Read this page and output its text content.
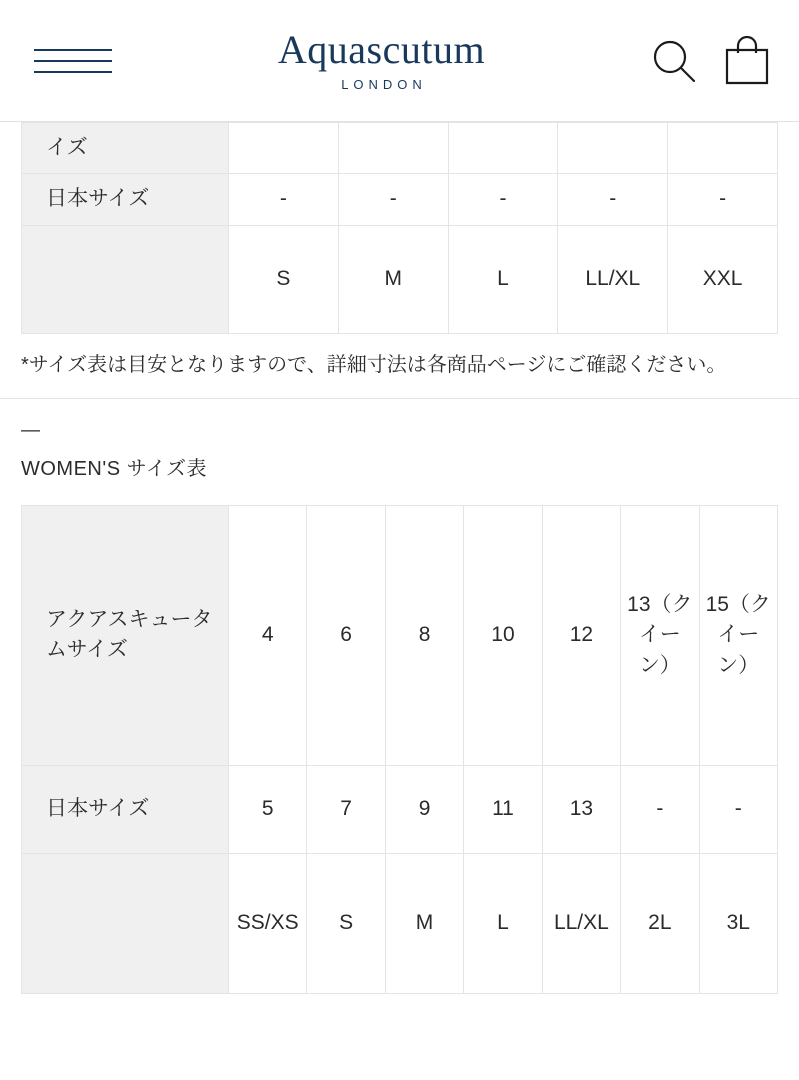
Aquascutum
LONDON
イズ					
日本サイズ	-	-	-	-	-
	S	M	L	LL/XL	XXL
*サイズ表は目安となりますので、詳細寸法は各商品ページにご確認ください。
—
WOMEN'S サイズ表
アクアスキュータムサイズ	4	6	8	10	12	13（クイーン）	15（クイーン）
日本サイズ	5	7	9	11	13	-	-
	SS/XS	S	M	L	LL/XL	2L	3L
